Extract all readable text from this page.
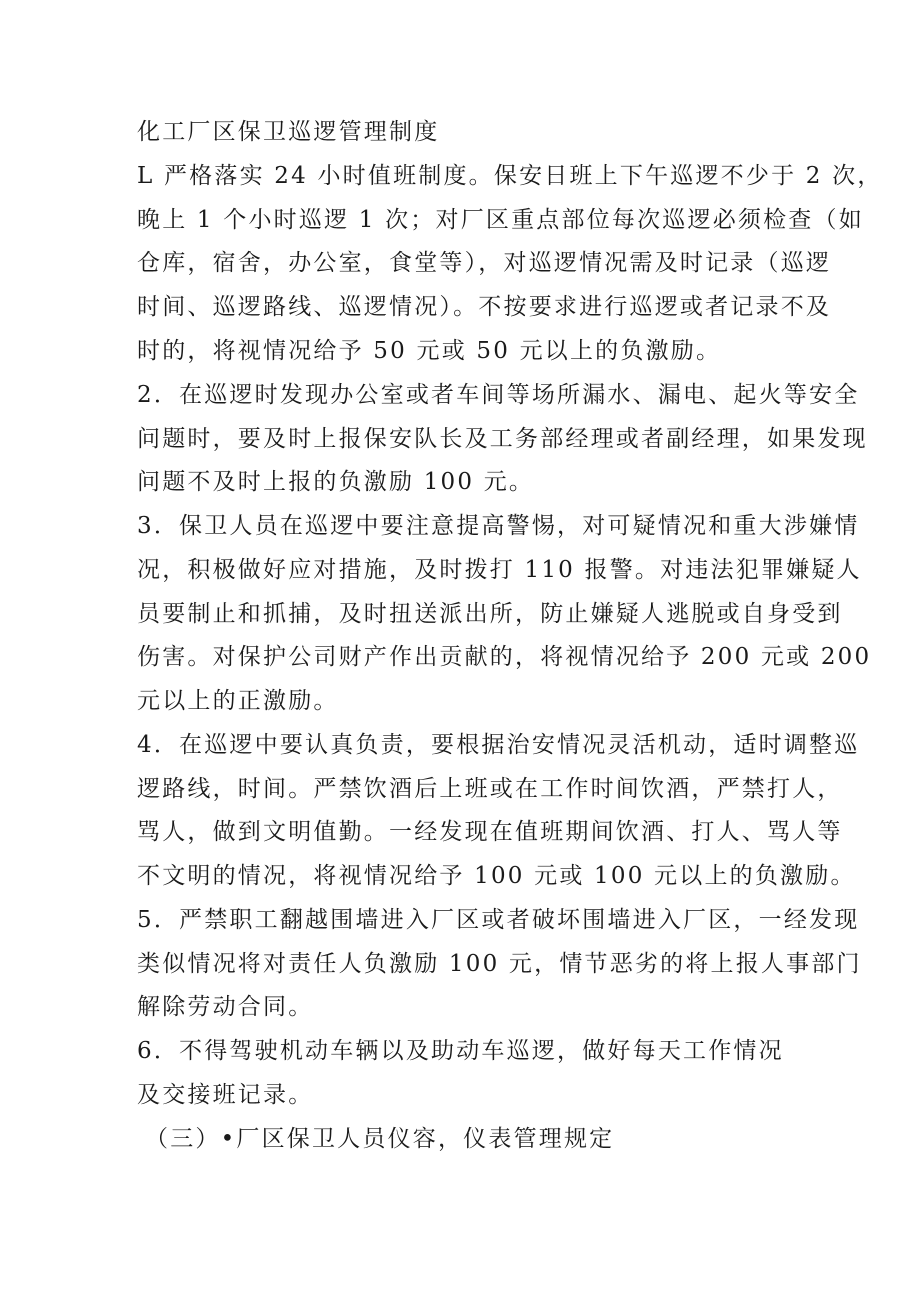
化工厂区保卫巡逻管理制度
L 严格落实 24 小时值班制度。保安日班上下午巡逻不少于 2 次，
晚上 1 个小时巡逻 1 次；对厂区重点部位每次巡逻必须检查（如
仓库，宿舍，办公室，食堂等），对巡逻情况需及时记录（巡逻
时间、巡逻路线、巡逻情况）。不按要求进行巡逻或者记录不及
时的，将视情况给予 50 元或 50 元以上的负激励。
2．在巡逻时发现办公室或者车间等场所漏水、漏电、起火等安全
问题时，要及时上报保安队长及工务部经理或者副经理，如果发现
问题不及时上报的负激励 100 元。
3．保卫人员在巡逻中要注意提高警惕，对可疑情况和重大涉嫌情
况，积极做好应对措施，及时拨打 110 报警。对违法犯罪嫌疑人
员要制止和抓捕，及时扭送派出所，防止嫌疑人逃脱或自身受到
伤害。对保护公司财产作出贡献的，将视情况给予 200 元或 200
元以上的正激励。
4．在巡逻中要认真负责，要根据治安情况灵活机动，适时调整巡
逻路线，时间。严禁饮酒后上班或在工作时间饮酒，严禁打人，
骂人，做到文明值勤。一经发现在值班期间饮酒、打人、骂人等
不文明的情况，将视情况给予 100 元或 100 元以上的负激励。
5．严禁职工翻越围墙进入厂区或者破坏围墙进入厂区，一经发现
类似情况将对责任人负激励 100 元，情节恶劣的将上报人事部门
解除劳动合同。
6．不得驾驶机动车辆以及助动车巡逻，做好每天工作情况
及交接班记录。
（三）•厂区保卫人员仪容，仪表管理规定
